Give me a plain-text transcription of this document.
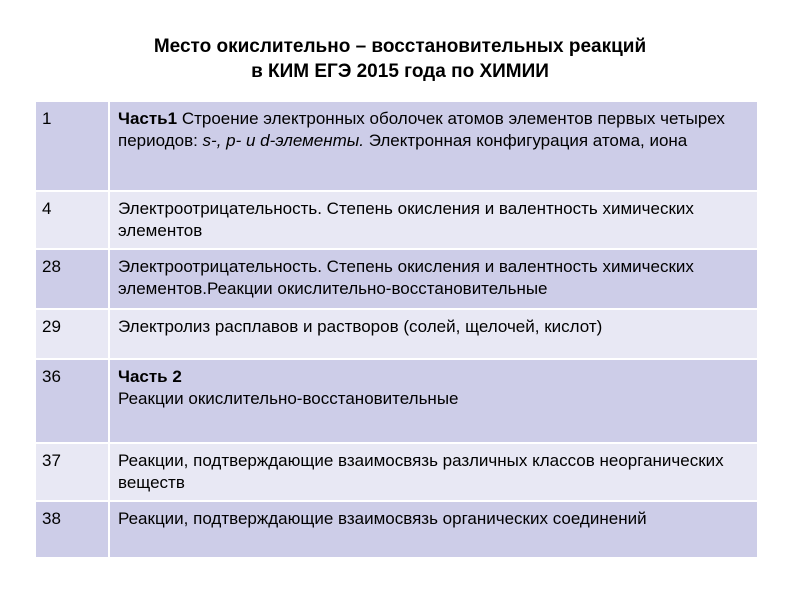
Место окислительно – восстановительных реакций
в КИМ ЕГЭ 2015 года по ХИМИИ
1	Часть1 Строение электронных оболочек атомов элементов первых четырех периодов: s-, p- и d-элементы. Электронная конфигурация атома, иона
4	Электроотрицательность. Степень окисления и валентность химических элементов
28	Электроотрицательность. Степень окисления и валентность химических элементов.Реакции окислительно-восстановительные
29	Электролиз расплавов и растворов (солей, щелочей, кислот)
36	Часть 2
Реакции окислительно-восстановительные

37	Реакции, подтверждающие взаимосвязь различных классов неорганических веществ
38	Реакции, подтверждающие взаимосвязь органических соединений
